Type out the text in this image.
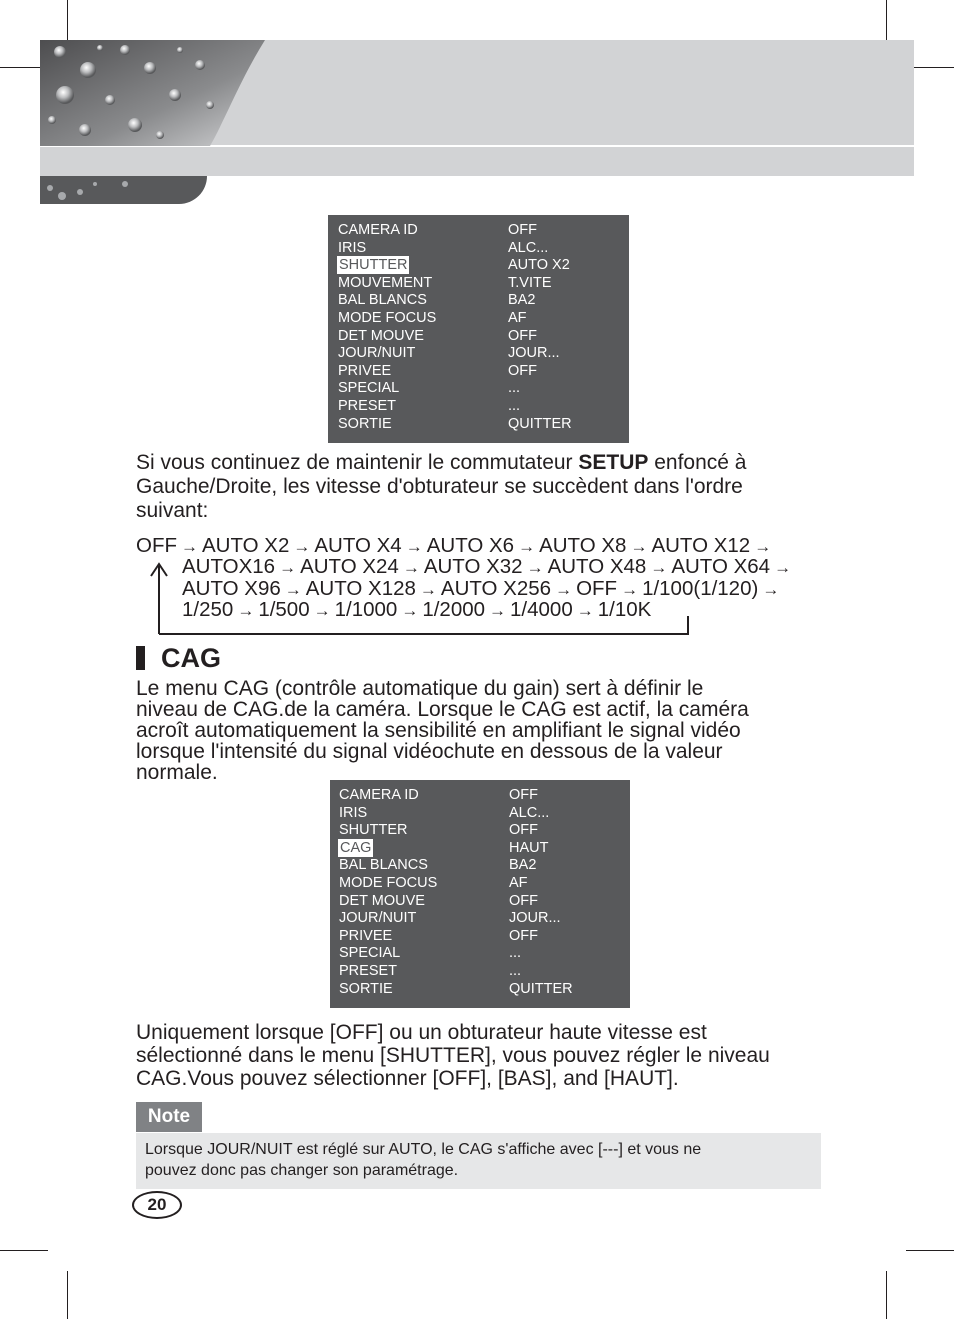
CAMERA ID	OFF
IRIS	ALC...
SHUTTER	AUTO X2
MOUVEMENT	T.VITE
BAL BLANCS	BA2
MODE FOCUS	AF
DET MOUVE	OFF
JOUR/NUIT	JOUR...
PRIVEE	OFF
SPECIAL	...
PRESET	...
SORTIE	QUITTER
Si vous continuez de maintenir le commutateur SETUP enfoncé à
Gauche/Droite, les vitesse d'obturateur se succèdent dans l'ordre
suivant:
OFF → AUTO X2 → AUTO X4 → AUTO X6 → AUTO X8 → AUTO X12 →
AUTOX16 → AUTO X24 → AUTO X32 → AUTO X48 → AUTO X64 →
AUTO X96 → AUTO X128 → AUTO X256 → OFF → 1/100(1/120) →
1/250 → 1/500 → 1/1000 → 1/2000 → 1/4000 → 1/10K
CAG
Le menu CAG (contrôle automatique du gain) sert à définir le
niveau de CAG.de la caméra. Lorsque le CAG est actif, la caméra
acroît automatiquement la sensibilité en amplifiant le signal vidéo
lorsque l'intensité du signal vidéochute en dessous de la valeur
normale.
CAMERA ID	OFF
IRIS	ALC...
SHUTTER	OFF
CAG	HAUT
BAL BLANCS	BA2
MODE FOCUS	AF
DET MOUVE	OFF
JOUR/NUIT	JOUR...
PRIVEE	OFF
SPECIAL	...
PRESET	...
SORTIE	QUITTER
Uniquement lorsque [OFF] ou un obturateur haute vitesse est
sélectionné dans le menu [SHUTTER], vous pouvez régler le niveau
CAG.Vous pouvez sélectionner [OFF], [BAS], and [HAUT].
Note
Lorsque JOUR/NUIT est réglé sur AUTO, le CAG s'affiche avec [---] et vous ne
pouvez donc pas changer son paramétrage.
20
